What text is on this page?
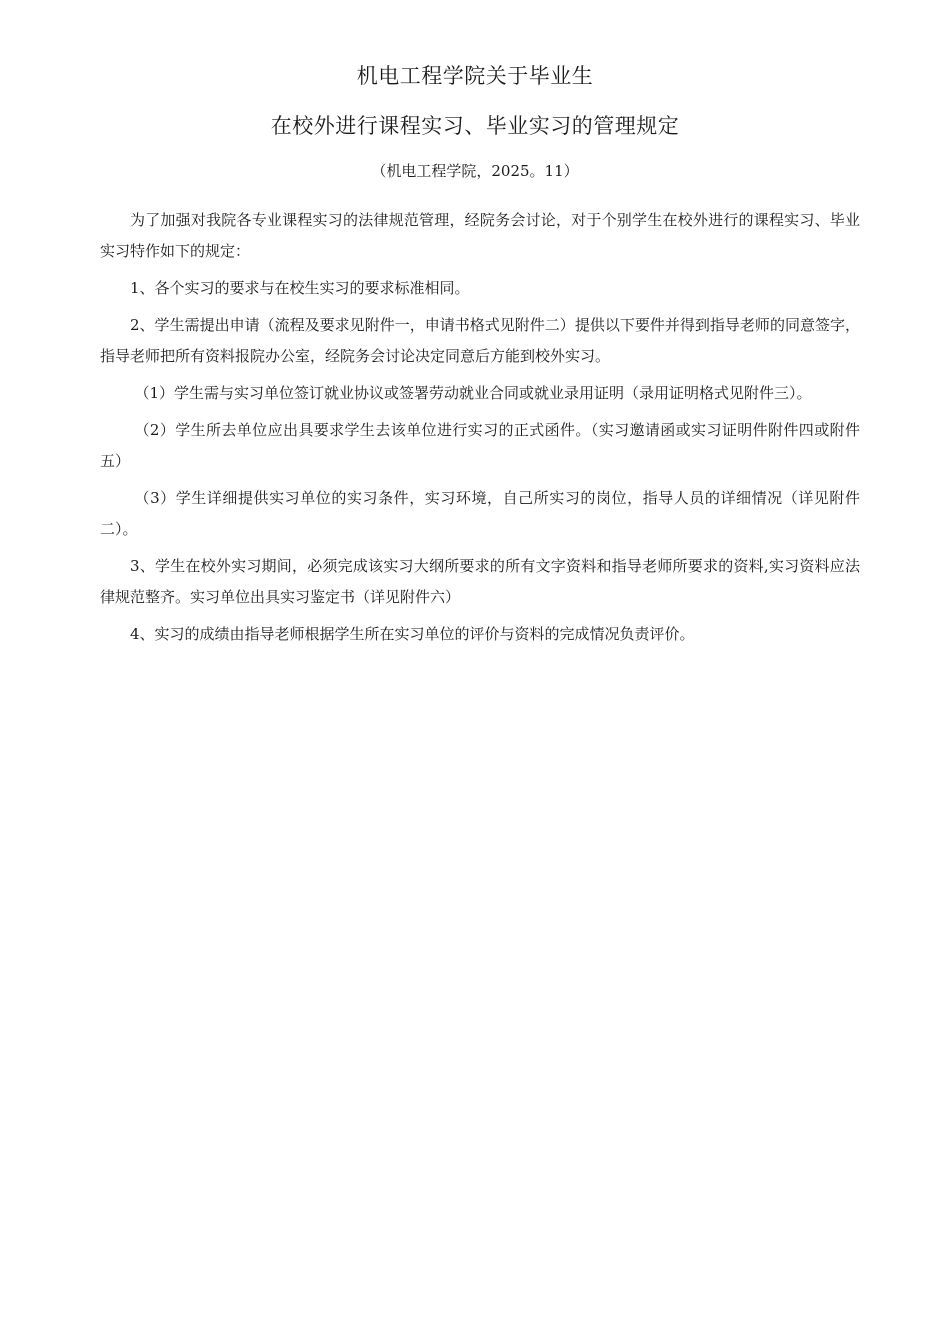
机电工程学院关于毕业生
在校外进行课程实习、毕业实习的管理规定
（机电工程学院，2025。11）

为了加强对我院各专业课程实习的法律规范管理，经院务会讨论，对于个别学生在校外进行的课程实习、毕业实习特作如下的规定：

1、各个实习的要求与在校生实习的要求标准相同。

2、学生需提出申请（流程及要求见附件一，申请书格式见附件二）提供以下要件并得到指导老师的同意签字，指导老师把所有资料报院办公室，经院务会讨论决定同意后方能到校外实习。

（1）学生需与实习单位签订就业协议或签署劳动就业合同或就业录用证明（录用证明格式见附件三）。

（2）学生所去单位应出具要求学生去该单位进行实习的正式函件。（实习邀请函或实习证明件附件四或附件五）

（3）学生详细提供实习单位的实习条件，实习环境，自己所实习的岗位，指导人员的详细情况（详见附件二）。

3、学生在校外实习期间，必须完成该实习大纲所要求的所有文字资料和指导老师所要求的资料,实习资料应法律规范整齐。实习单位出具实习鉴定书（详见附件六）

4、实习的成绩由指导老师根据学生所在实习单位的评价与资料的完成情况负责评价。
